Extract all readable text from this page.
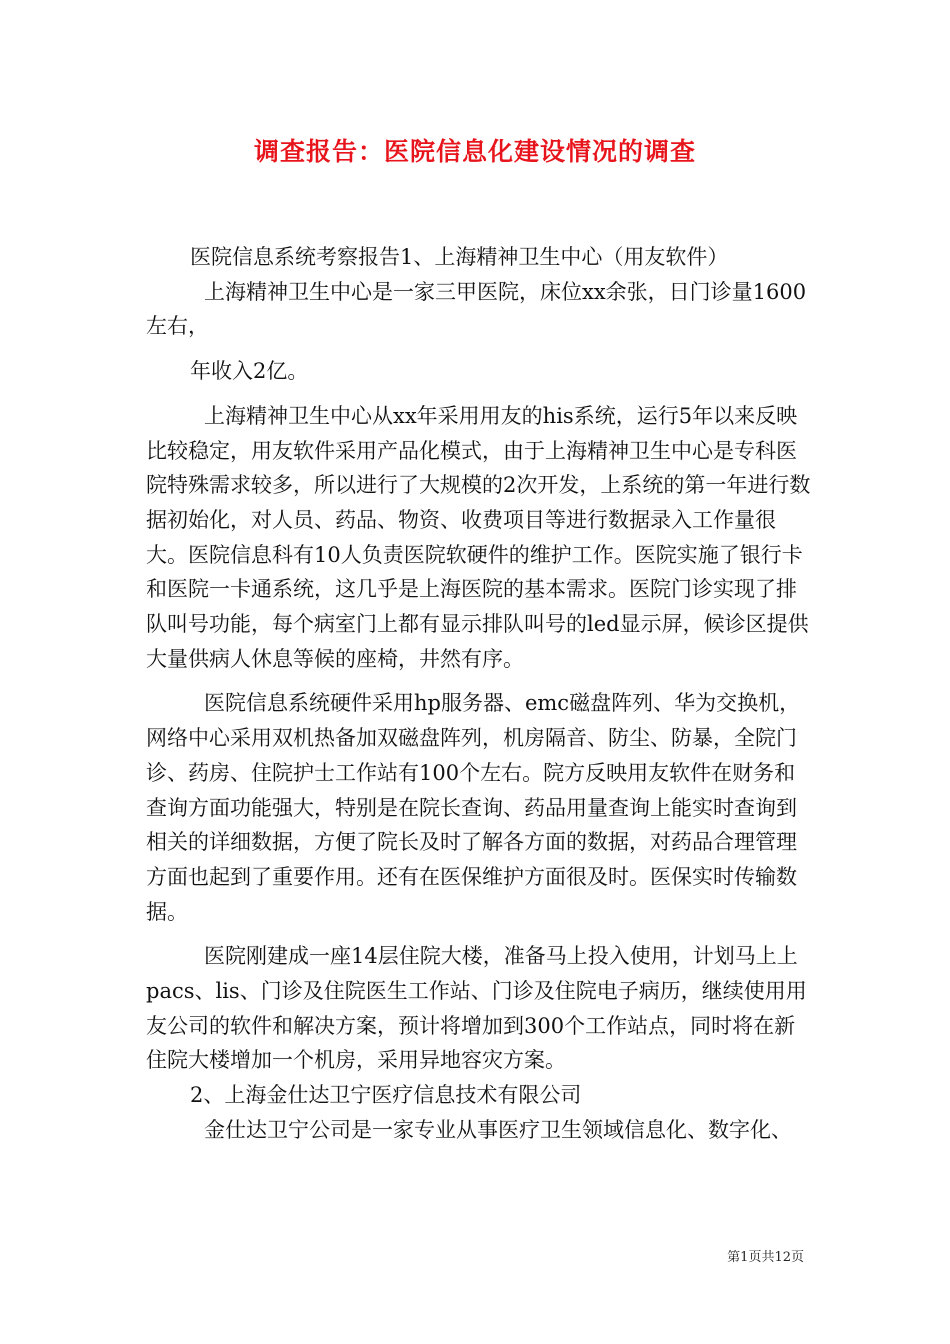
调查报告：医院信息化建设情况的调查

医院信息系统考察报告1、上海精神卫生中心（用友软件）

上海精神卫生中心是一家三甲医院，床位xx余张，日门诊量1600左右，

年收入2亿。

上海精神卫生中心从xx年采用用友的his系统，运行5年以来反映比较稳定，用友软件采用产品化模式，由于上海精神卫生中心是专科医院特殊需求较多，所以进行了大规模的2次开发，上系统的第一年进行数据初始化，对人员、药品、物资、收费项目等进行数据录入工作量很大。医院信息科有10人负责医院软硬件的维护工作。医院实施了银行卡和医院一卡通系统，这几乎是上海医院的基本需求。医院门诊实现了排队叫号功能，每个病室门上都有显示排队叫号的led显示屏，候诊区提供大量供病人休息等候的座椅，井然有序。

医院信息系统硬件采用hp服务器、emc磁盘阵列、华为交换机，网络中心采用双机热备加双磁盘阵列，机房隔音、防尘、防暴，全院门诊、药房、住院护士工作站有100个左右。院方反映用友软件在财务和查询方面功能强大，特别是在院长查询、药品用量查询上能实时查询到相关的详细数据，方便了院长及时了解各方面的数据，对药品合理管理方面也起到了重要作用。还有在医保维护方面很及时。医保实时传输数据。

医院刚建成一座14层住院大楼，准备马上投入使用，计划马上上pacs、lis、门诊及住院医生工作站、门诊及住院电子病历，继续使用用友公司的软件和解决方案，预计将增加到300个工作站点，同时将在新住院大楼增加一个机房，采用异地容灾方案。

2、上海金仕达卫宁医疗信息技术有限公司

金仕达卫宁公司是一家专业从事医疗卫生领域信息化、数字化、

第1页共12页
